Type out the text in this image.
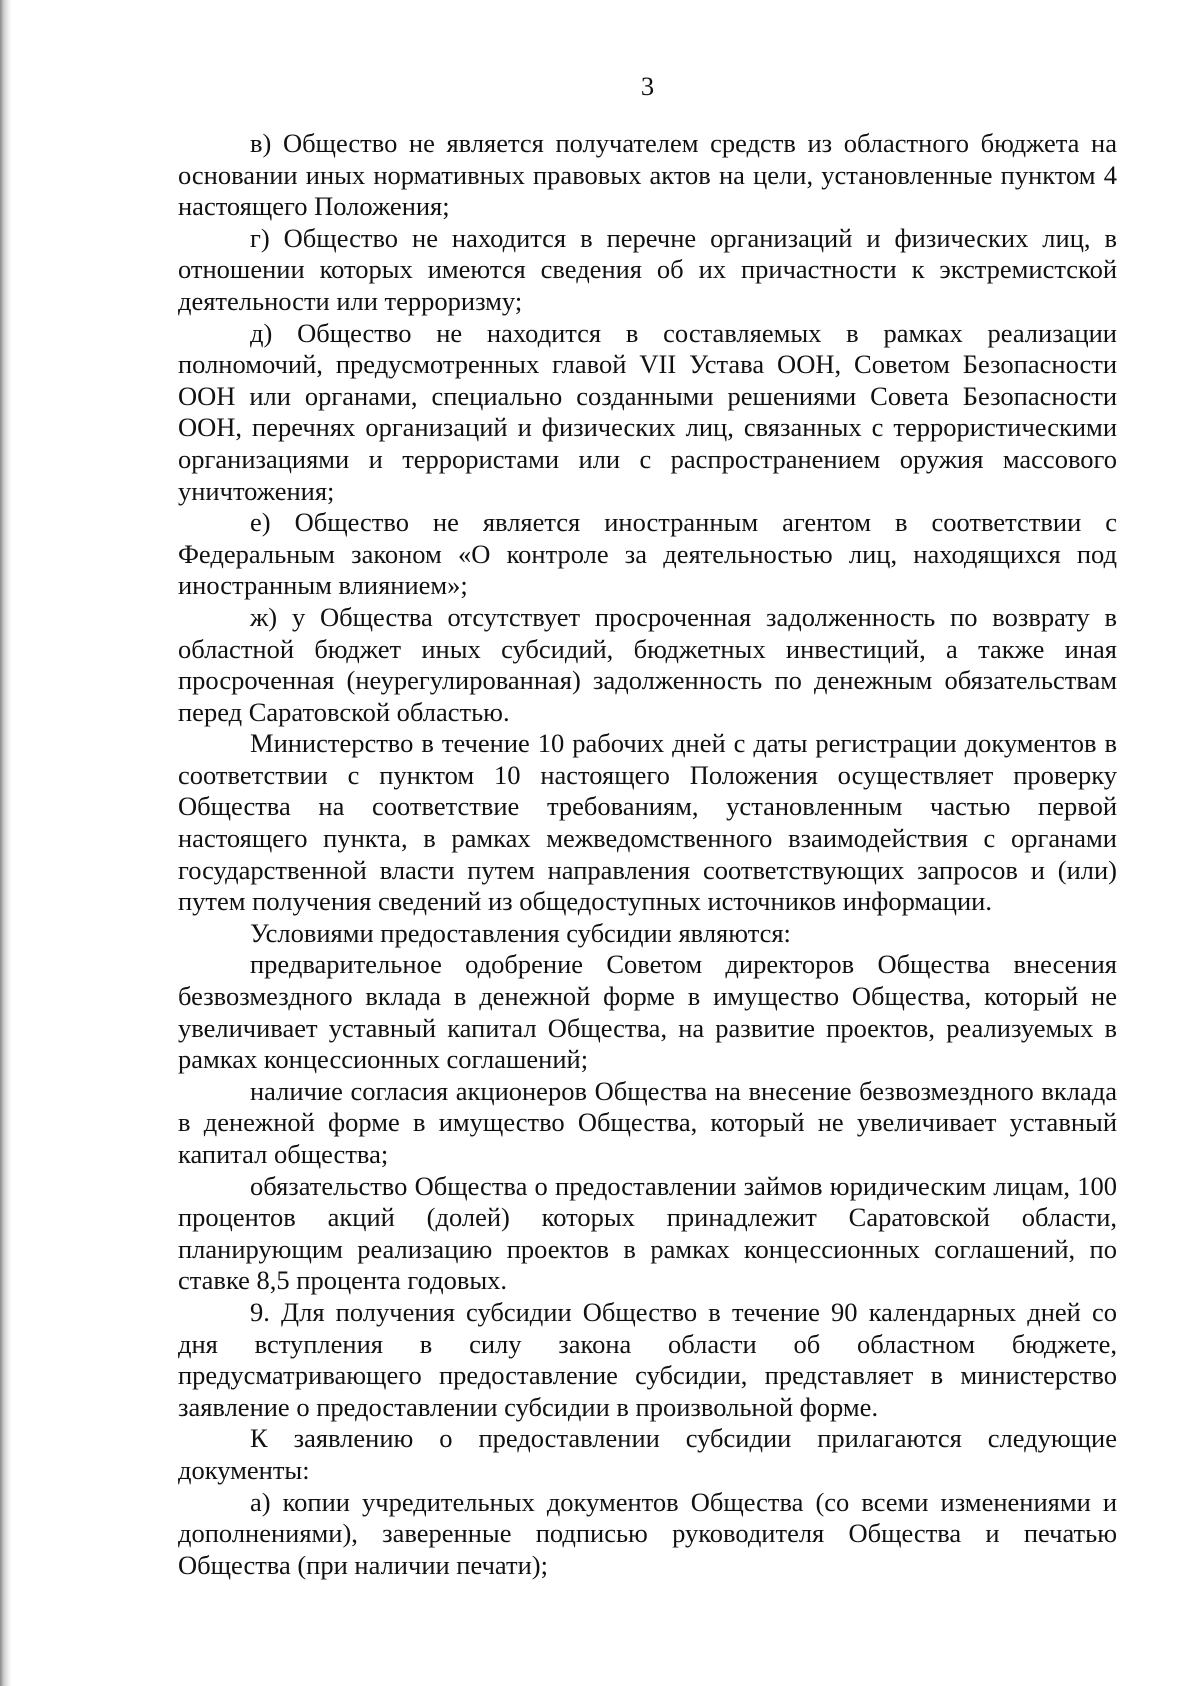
3

в) Общество не является получателем средств из областного бюджета на основании иных нормативных правовых актов на цели, установленные пунктом 4 настоящего Положения;

г) Общество не находится в перечне организаций и физических лиц, в отношении которых имеются сведения об их причастности к экстремистской деятельности или терроризму;

д) Общество не находится в составляемых в рамках реализации полномочий, предусмотренных главой VII Устава ООН, Советом Безопасности ООН или органами, специально созданными решениями Совета Безопасности ООН, перечнях организаций и физических лиц, связанных с террористическими организациями и террористами или с распространением оружия массового уничтожения;

е) Общество не является иностранным агентом в соответствии с Федеральным законом «О контроле за деятельностью лиц, находящихся под иностранным влиянием»;

ж) у Общества отсутствует просроченная задолженность по возврату в областной бюджет иных субсидий, бюджетных инвестиций, а также иная просроченная (неурегулированная) задолженность по денежным обязательствам перед Саратовской областью.

Министерство в течение 10 рабочих дней с даты регистрации документов в соответствии с пунктом 10 настоящего Положения осуществляет проверку Общества на соответствие требованиям, установленным частью первой настоящего пункта, в рамках межведомственного взаимодействия с органами государственной власти путем направления соответствующих запросов и (или) путем получения сведений из общедоступных источников информации.

Условиями предоставления субсидии являются:

предварительное одобрение Советом директоров Общества внесения безвозмездного вклада в денежной форме в имущество Общества, который не увеличивает уставный капитал Общества, на развитие проектов, реализуемых в рамках концессионных соглашений;

наличие согласия акционеров Общества на внесение безвозмездного вклада в денежной форме в имущество Общества, который не увеличивает уставный капитал общества;

обязательство Общества о предоставлении займов юридическим лицам, 100 процентов акций (долей) которых принадлежит Саратовской области, планирующим реализацию проектов в рамках концессионных соглашений, по ставке 8,5 процента годовых.

9. Для получения субсидии Общество в течение 90 календарных дней со дня вступления в силу закона области об областном бюджете, предусматривающего предоставление субсидии, представляет в министерство заявление о предоставлении субсидии в произвольной форме.

К заявлению о предоставлении субсидии прилагаются следующие документы:

а) копии учредительных документов Общества (со всеми изменениями и дополнениями), заверенные подписью руководителя Общества и печатью Общества (при наличии печати);
